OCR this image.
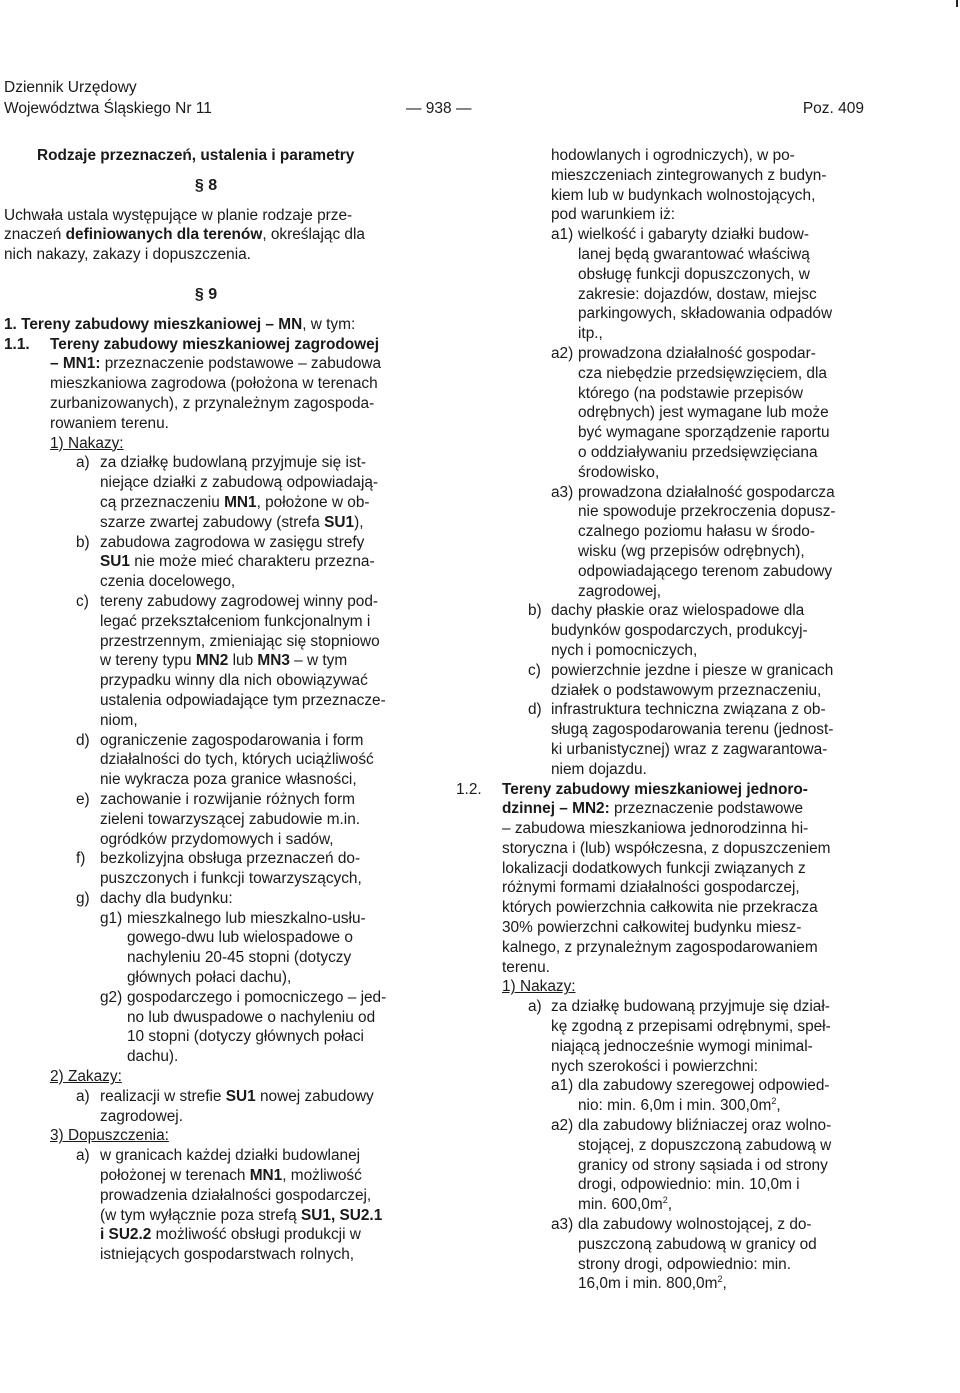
Dziennik Urzędowy
Województwa Śląskiego Nr 11	— 938 —	Poz. 409
Rodzaje przeznaczeń, ustalenia i parametry
§ 8
Uchwała ustala występujące w planie rodzaje prze-
znaczeń definiowanych dla terenów, określając dla
nich nakazy, zakazy i dopuszczenia.
§ 9
1. Tereny zabudowy mieszkaniowej – MN, w tym:
1.1. Tereny zabudowy mieszkaniowej zagrodowej
– MN1: przeznaczenie podstawowe – zabudowa
mieszkaniowa zagrodowa (położona w terenach
zurbanizowanych), z przynależnym zagospoda-
rowaniem terenu.
1) Nakazy:
a) za działkę budowlaną przyjmuje się ist-
niejące działki z zabudową odpowiadają-
cą przeznaczeniu MN1, położone w ob-
szarze zwartej zabudowy (strefa SU1),
b) zabudowa zagrodowa w zasięgu strefy
SU1 nie może mieć charakteru przezna-
czenia docelowego,
c) tereny zabudowy zagrodowej winny pod-
legać przekształceniom funkcjonalnym i
przestrzennym, zmieniając się stopniowo
w tereny typu MN2 lub MN3 – w tym
przypadku winny dla nich obowiązywać
ustalenia odpowiadające tym przeznacze-
niom,
d) ograniczenie zagospodarowania i form
działalności do tych, których uciążliwość
nie wykracza poza granice własności,
e) zachowanie i rozwijanie różnych form
zieleni towarzyszącej zabudowie m.in.
ogródków przydomowych i sadów,
f) bezkolizyjna obsługa przeznaczeń do-
puszczonych i funkcji towarzyszących,
g) dachy dla budynku:
g1) mieszkalnego lub mieszkalno-usłu-
gowego-dwu lub wielospadowe o
nachyleniu 20-45 stopni (dotyczy
głównych połaci dachu),
g2) gospodarczego i pomocniczego – jed-
no lub dwuspadowe o nachyleniu od
10 stopni (dotyczy głównych połaci
dachu).
2) Zakazy:
a) realizacji w strefie SU1 nowej zabudowy
zagrodowej.
3) Dopuszczenia:
a) w granicach każdej działki budowlanej
położonej w terenach MN1, możliwość
prowadzenia działalności gospodarczej,
(w tym wyłącznie poza strefą SU1, SU2.1
i SU2.2 możliwość obsługi produkcji w
istniejących gospodarstwach rolnych,
hodowlanych i ogrodniczych), w po-
mieszczeniach zintegrowanych z budyn-
kiem lub w budynkach wolnostojących,
pod warunkiem iż:
a1) wielkość i gabaryty działki budow-
lanej będą gwarantować właściwą
obsługę funkcji dopuszczonych, w
zakresie: dojazdów, dostaw, miejsc
parkingowych, składowania odpadów
itp.,
a2) prowadzona działalność gospodar-
cza niebędzie przedsięwzięciem, dla
którego (na podstawie przepisów
odrębnych) jest wymagane lub może
być wymagane sporządzenie raportu
o oddziaływaniu przedsięwzięciana
środowisko,
a3) prowadzona działalność gospodarcza
nie spowoduje przekroczenia dopusz-
czalnego poziomu hałasu w środo-
wisku (wg przepisów odrębnych),
odpowiadającego terenom zabudowy
zagrodowej,
b) dachy płaskie oraz wielospadowe dla
budynków gospodarczych, produkcyj-
nych i pomocniczych,
c) powierzchnie jezdne i piesze w granicach
działek o podstawowym przeznaczeniu,
d) infrastruktura techniczna związana z ob-
sługą zagospodarowania terenu (jednost-
ki urbanistycznej) wraz z zagwarantowa-
niem dojazdu.
1.2. Tereny zabudowy mieszkaniowej jednoro-
dzinnej – MN2: przeznaczenie podstawowe
– zabudowa mieszkaniowa jednorodzinna hi-
storyczna i (lub) współczesna, z dopuszczeniem
lokalizacji dodatkowych funkcji związanych z
różnymi formami działalności gospodarczej,
których powierzchnia całkowita nie przekracza
30% powierzchni całkowitej budynku miesz-
kalnego, z przynależnym zagospodarowaniem
terenu.
1) Nakazy:
a) za działkę budowaną przyjmuje się dział-
kę zgodną z przepisami odrębnymi, speł-
niającą jednocześnie wymogi minimal-
nych szerokości i powierzchni:
a1) dla zabudowy szeregowej odpowied-
nio: min. 6,0m i min. $300,0m^2$,
a2) dla zabudowy bliźniaczej oraz wolno-
stojącej, z dopuszczoną zabudową w
granicy od strony sąsiada i od strony
drogi, odpowiednio: min. 10,0m i
min. $600,0m^2$,
a3) dla zabudowy wolnostojącej, z do-
puszczoną zabudową w granicy od
strony drogi, odpowiednio: min.
16,0m i min. $800,0m^2$,
